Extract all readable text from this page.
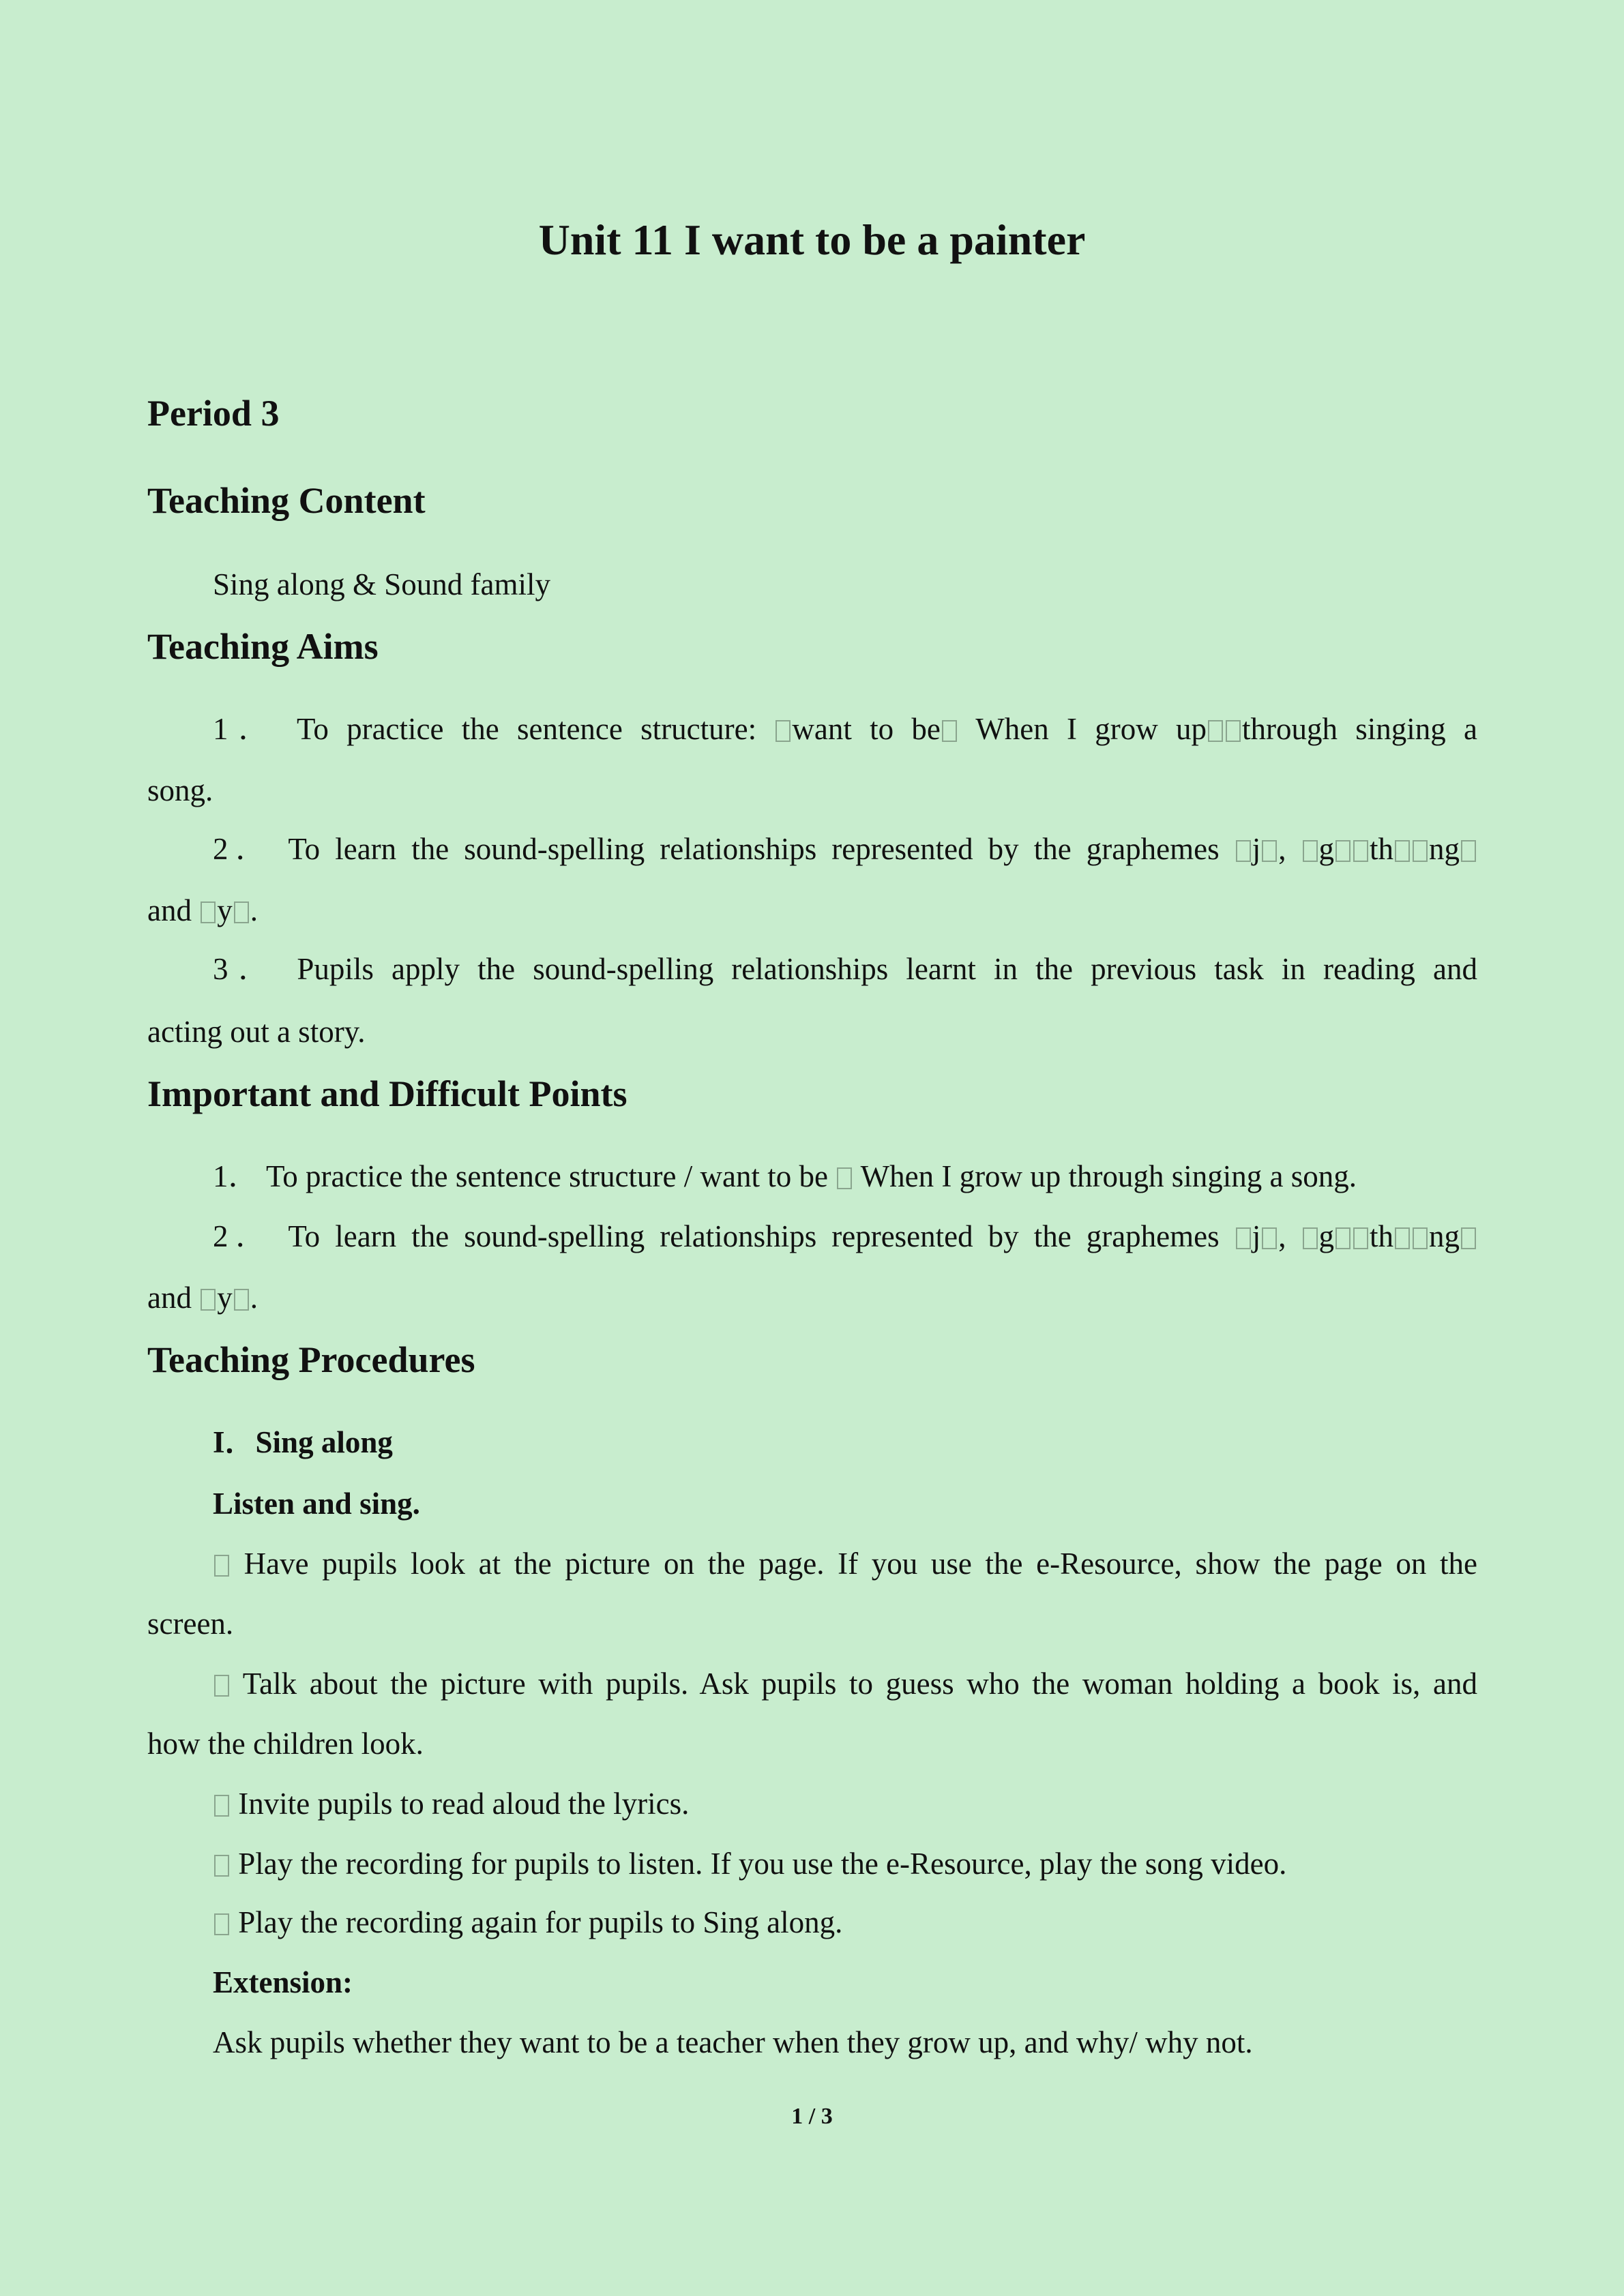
Unit 11 I want to be a painter
Period 3
Teaching Content
Sing along & Sound family
Teaching Aims
1． To practice the sentence structure: want to be When I grow up through singing a
song.
2． To learn the sound-spelling relationships represented by the graphemes j , g th ng
and y .
3． Pupils apply the sound-spelling relationships learnt in the previous task in reading and
acting out a story.
Important and Difficult Points
1． To practice the sentence structure / want to be When I grow up through singing a song.
2． To learn the sound-spelling relationships represented by the graphemes j , g th ng
and y .
Teaching Procedures
I．Sing along
Listen and sing.
Have pupils look at the picture on the page. If you use the e-Resource, show the page on the
screen.
Talk about the picture with pupils. Ask pupils to guess who the woman holding a book is, and
how the children look.
Invite pupils to read aloud the lyrics.
Play the recording for pupils to listen. If you use the e-Resource, play the song video.
Play the recording again for pupils to Sing along.
Extension:
Ask pupils whether they want to be a teacher when they grow up, and why/ why not.
1 / 3
